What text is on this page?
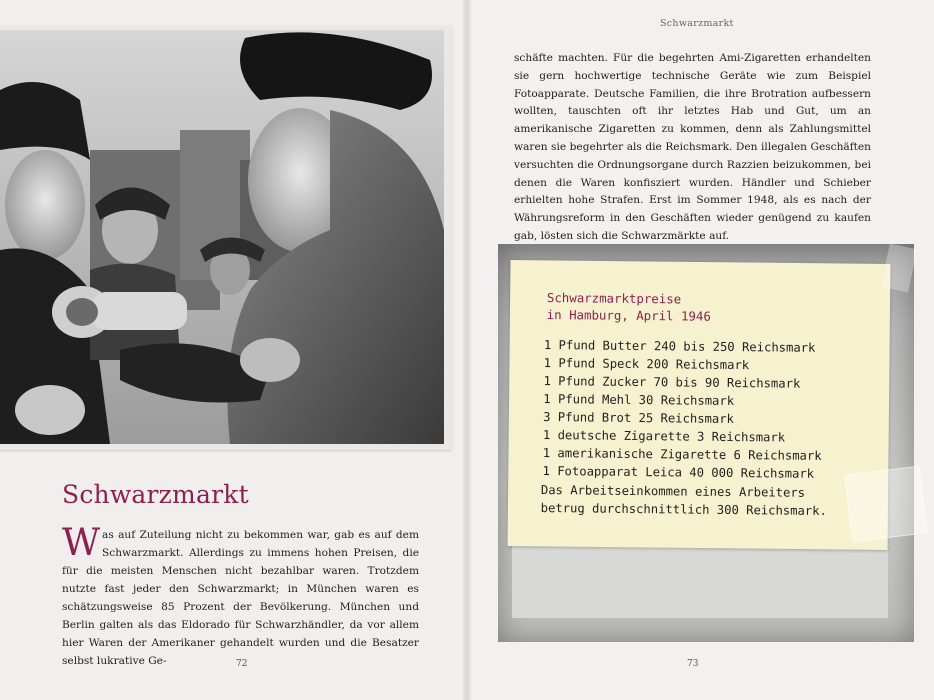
Schwarzmarkt
Was auf Zuteilung nicht zu bekommen war, gab es auf dem Schwarzmarkt. Allerdings zu immens hohen Preisen, die für die meisten Menschen nicht bezahlbar waren. Trotzdem nutzte fast jeder den Schwarzmarkt; in München waren es schätzungsweise 85 Prozent der Bevölkerung. München und Berlin galten als das Eldorado für Schwarzhändler, da vor allem hier Waren der Amerikaner gehandelt wurden und die Besatzer selbst lukrative Ge-	72
Schwarzmarkt
schäfte machten. Für die begehrten Ami-Zigaretten erhandelten sie gern hochwertige technische Geräte wie zum Beispiel Fotoapparate. Deutsche Familien, die ihre Brotration aufbessern wollten, tauschten oft ihr letztes Hab und Gut, um an amerikanische Zigaretten zu kommen, denn als Zahlungsmittel waren sie begehrter als die Reichsmark. Den illegalen Geschäften versuchten die Ordnungsorgane durch Razzien beizukommen, bei denen die Waren konfisziert wurden. Händler und Schieber erhielten hohe Strafen. Erst im Sommer 1948, als es nach der Währungsreform in den Geschäften wieder genügend zu kaufen gab, lösten sich die Schwarzmärkte auf.
Schwarzmarktpreise
in Hamburg, April 1946
1 Pfund Butter 240 bis 250 Reichsmark
1 Pfund Speck 200 Reichsmark
1 Pfund Zucker 70 bis 90 Reichsmark
1 Pfund Mehl 30 Reichsmark
3 Pfund Brot 25 Reichsmark
1 deutsche Zigarette 3 Reichsmark
1 amerikanische Zigarette 6 Reichsmark
1 Fotoapparat Leica 40 000 Reichsmark
Das Arbeitseinkommen eines Arbeiters
betrug durchschnittlich 300 Reichsmark.
73
